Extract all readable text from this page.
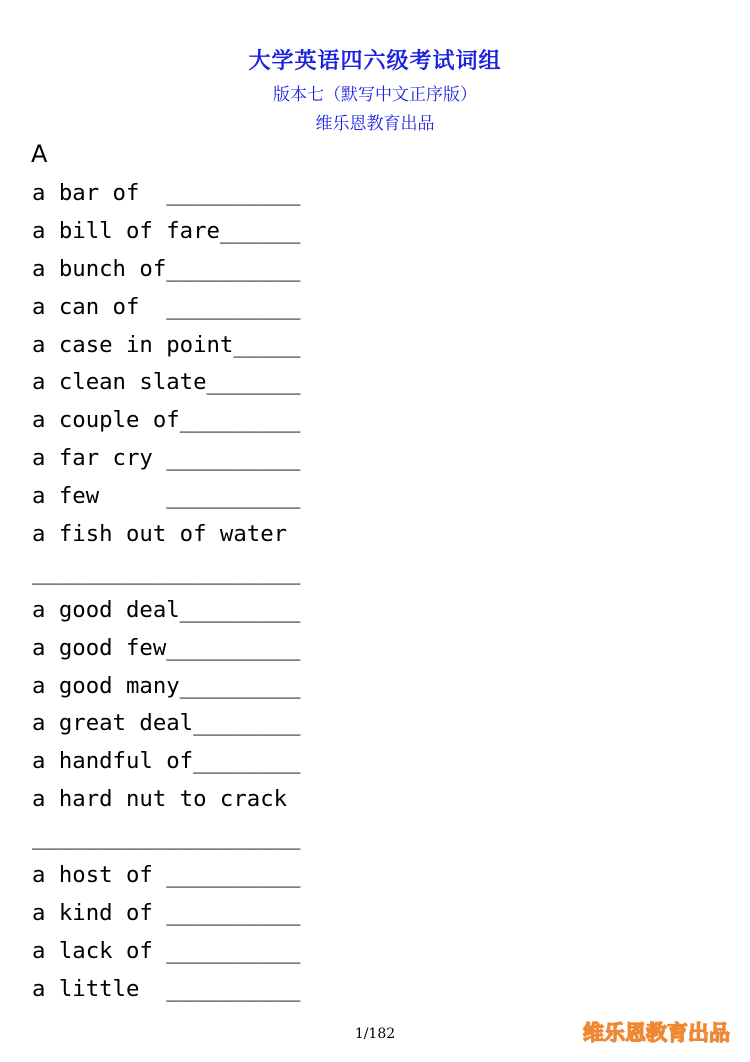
大学英语四六级考试词组
版本七（默写中文正序版）
维乐恩教育出品
A
a bar of  __________
a bill of fare______
a bunch of__________
a can of  __________
a case in point_____
a clean slate_______
a couple of_________
a far cry __________
a few     __________
a fish out of water
____________________
a good deal_________
a good few__________
a good many_________
a great deal________
a handful of________
a hard nut to crack
____________________
a host of __________
a kind of __________
a lack of __________
a little  __________
1/182	维乐恩教育出品
